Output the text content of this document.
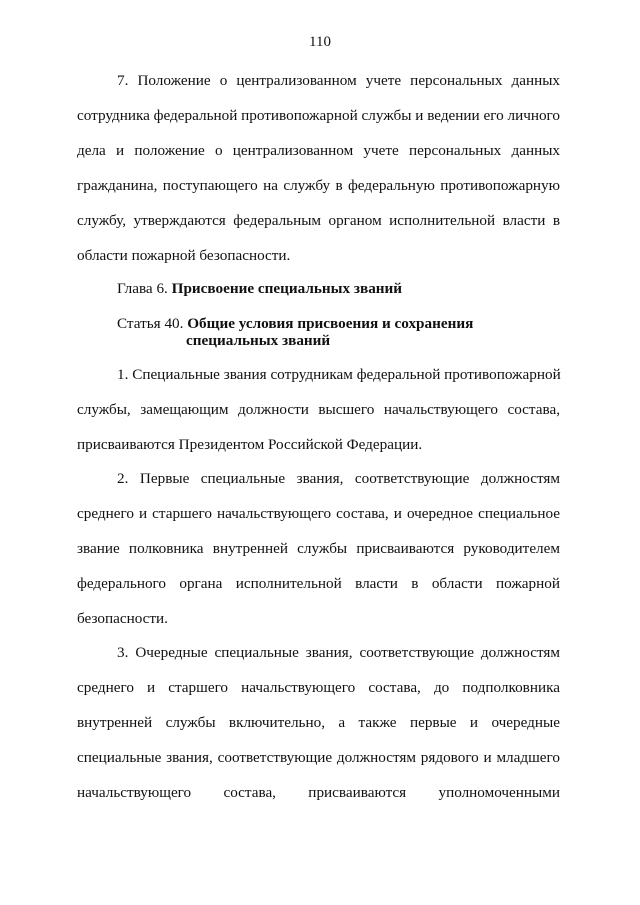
110
7. Положение о централизованном учете персональных данных
сотрудника федеральной противопожарной службы и ведении его личного
дела и положение о централизованном учете персональных данных
гражданина, поступающего на службу в федеральную противопожарную
службу, утверждаются федеральным органом исполнительной власти в
области пожарной безопасности.
Глава 6. Присвоение специальных званий
Статья 40. Общие условия присвоения и сохранения
специальных званий
1. Специальные звания сотрудникам федеральной противопожарной
службы, замещающим должности высшего начальствующего состава,
присваиваются Президентом Российской Федерации.
2. Первые специальные звания, соответствующие должностям
среднего и старшего начальствующего состава, и очередное специальное
звание полковника внутренней службы присваиваются руководителем
федерального органа исполнительной власти в области пожарной
безопасности.
3. Очередные специальные звания, соответствующие должностям
среднего и старшего начальствующего состава, до подполковника
внутренней службы включительно, а также первые и очередные
специальные звания, соответствующие должностям рядового и младшего
начальствующего состава, присваиваются уполномоченными
